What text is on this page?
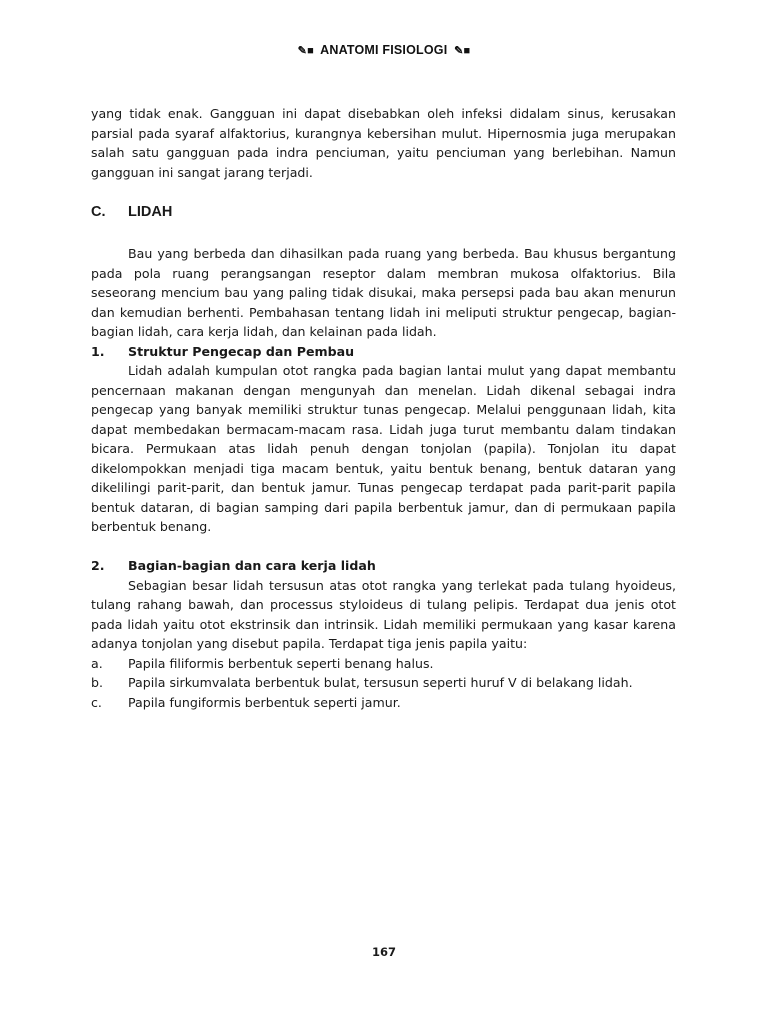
✎■ ANATOMI FISIOLOGI ✎■

yang tidak enak. Gangguan ini dapat disebabkan oleh infeksi didalam sinus, kerusakan parsial pada syaraf alfaktorius, kurangnya kebersihan mulut. Hipernosmia juga merupakan salah satu gangguan pada indra penciuman, yaitu penciuman yang berlebihan. Namun gangguan ini sangat jarang terjadi.

C.	LIDAH

Bau yang berbeda dan dihasilkan pada ruang yang berbeda. Bau khusus bergantung pada pola ruang perangsangan reseptor dalam membran mukosa olfaktorius. Bila seseorang mencium bau yang paling tidak disukai, maka persepsi pada bau akan menurun dan kemudian berhenti. Pembahasan tentang lidah ini meliputi struktur pengecap, bagian-bagian lidah, cara kerja lidah, dan kelainan pada lidah.

1.	Struktur Pengecap dan Pembau

Lidah adalah kumpulan otot rangka pada bagian lantai mulut yang dapat membantu pencernaan makanan dengan mengunyah dan menelan. Lidah dikenal sebagai indra pengecap yang banyak memiliki struktur tunas pengecap. Melalui penggunaan lidah, kita dapat membedakan bermacam-macam rasa. Lidah juga turut membantu dalam tindakan bicara. Permukaan atas lidah penuh dengan tonjolan (papila). Tonjolan itu dapat dikelompokkan menjadi tiga macam bentuk, yaitu bentuk benang, bentuk dataran yang dikelilingi parit-parit, dan bentuk jamur. Tunas pengecap terdapat pada parit-parit papila bentuk dataran, di bagian samping dari papila berbentuk jamur, dan di permukaan papila berbentuk benang.

2.	Bagian-bagian dan cara kerja lidah

Sebagian besar lidah tersusun atas otot rangka yang terlekat pada tulang hyoideus, tulang rahang bawah, dan processus styloideus di tulang pelipis. Terdapat dua jenis otot pada lidah yaitu otot ekstrinsik dan intrinsik. Lidah memiliki permukaan yang kasar karena adanya tonjolan yang disebut papila. Terdapat tiga jenis papila yaitu:

a.	Papila filiformis berbentuk seperti benang halus.
b.	Papila sirkumvalata berbentuk bulat, tersusun seperti huruf V di belakang lidah.
c.	Papila fungiformis berbentuk seperti jamur.
167
